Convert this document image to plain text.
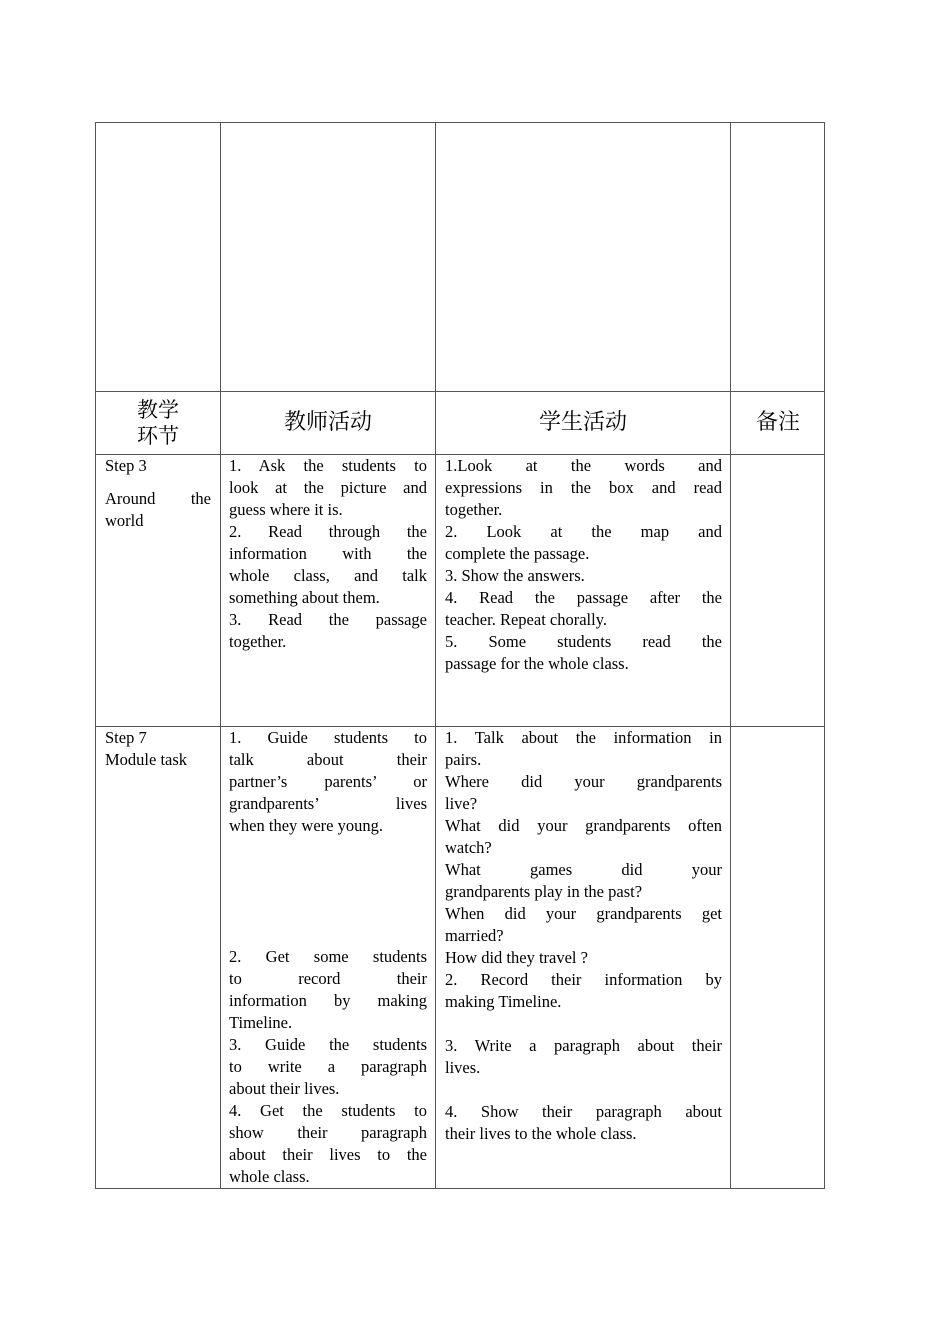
教学
环节
教师活动	学生活动	备注
Step 3
Around the
world
1. Ask the students to
look at the picture and
guess where it is.
2. Read through the
information with the
whole class, and talk
something about them.
3. Read the passage
together.
1.Look at the words and
expressions in the box and read
together.
2. Look at the map and
complete the passage.
3. Show the answers.
4. Read the passage after the
teacher. Repeat chorally.
5. Some students read the
passage for the whole class.
Step 7
Module task
1. Guide students to
talk about their
partner’s parents’ or
grandparents’ lives
when they were young.
2. Get some students
to record their
information by making
Timeline.
3. Guide the students
to write a paragraph
about their lives.
4. Get the students to
show their paragraph
about their lives to the
whole class.
1. Talk about the information in
pairs.
Where did your grandparents
live?
What did your grandparents often
watch?
What games did your
grandparents play in the past?
When did your grandparents get
married?
How did they travel ?
2. Record their information by
making Timeline.
3. Write a paragraph about their
lives.
4. Show their paragraph about
their lives to the whole class.
